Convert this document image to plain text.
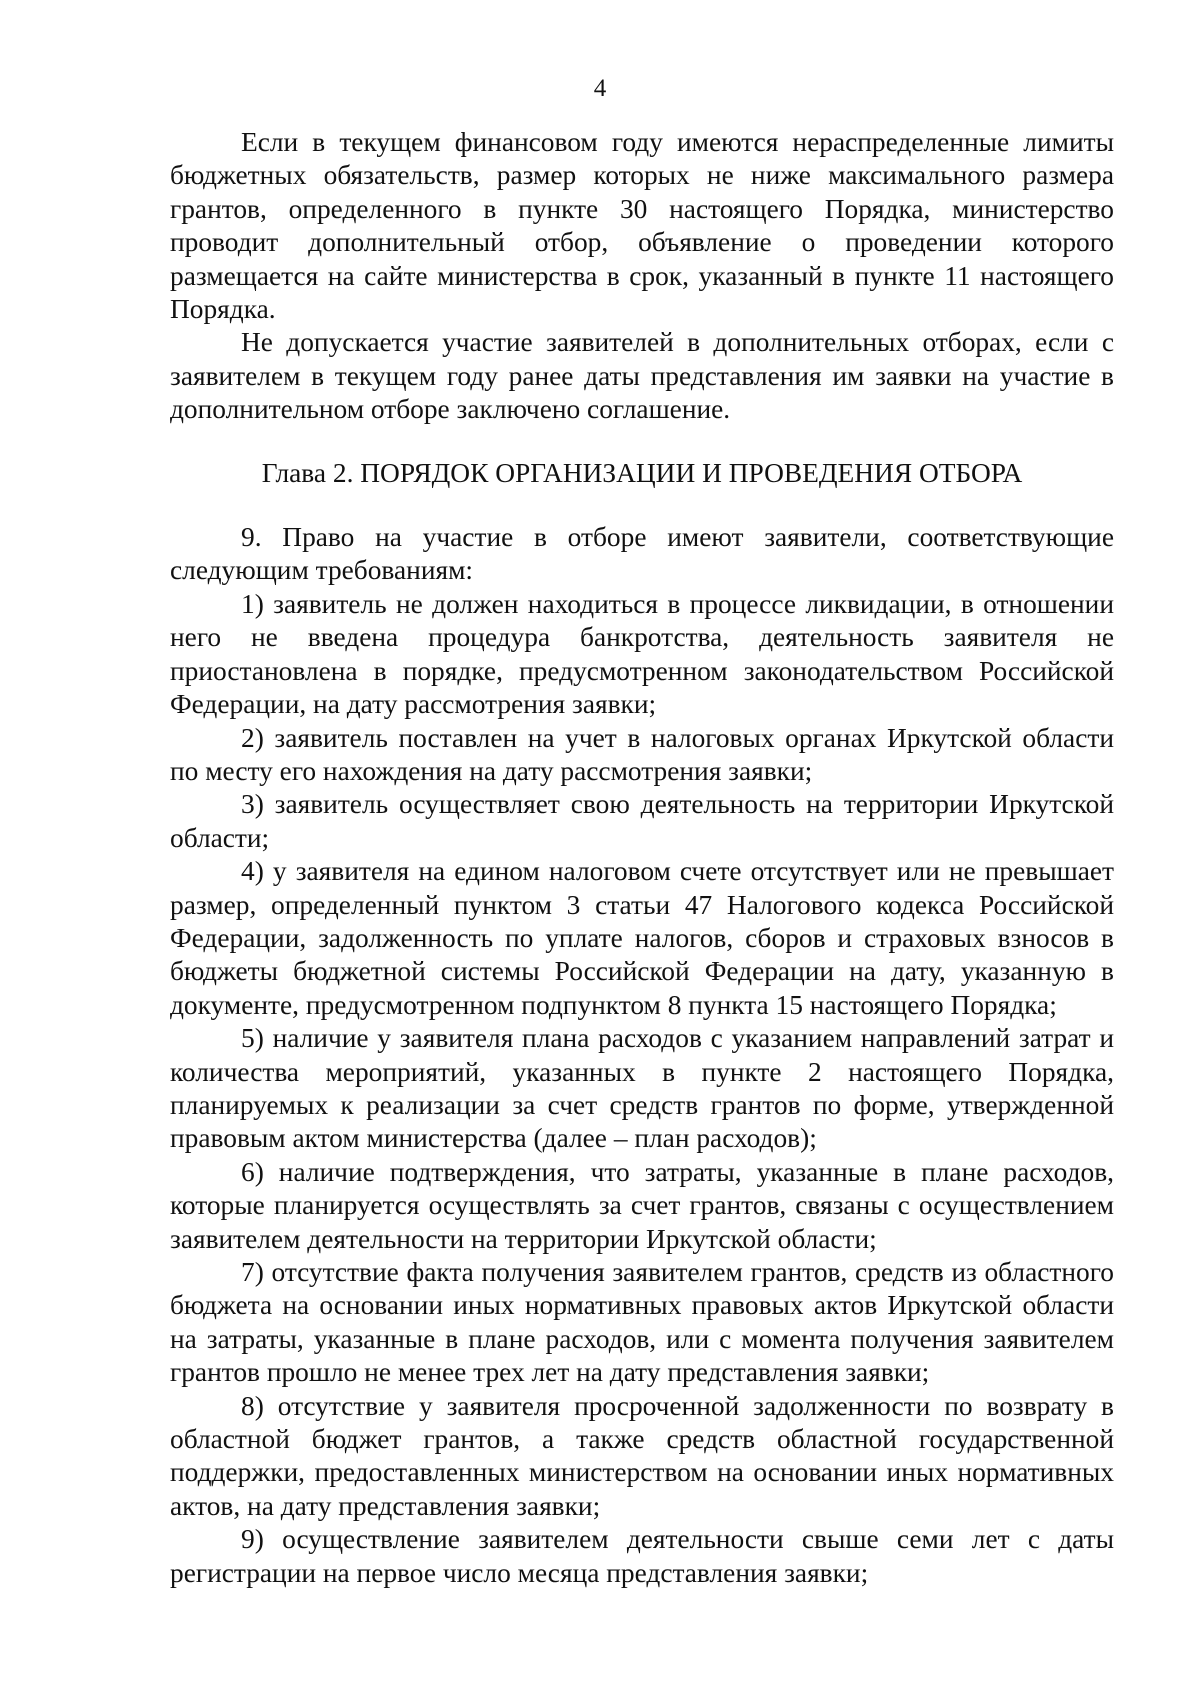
4

Если в текущем финансовом году имеются нераспределенные лимиты бюджетных обязательств, размер которых не ниже максимального размера грантов, определенного в пункте 30 настоящего Порядка, министерство проводит дополнительный отбор, объявление о проведении которого размещается на сайте министерства в срок, указанный в пункте 11 настоящего Порядка.

Не допускается участие заявителей в дополнительных отборах, если с заявителем в текущем году ранее даты представления им заявки на участие в дополнительном отборе заключено соглашение.

Глава 2. ПОРЯДОК ОРГАНИЗАЦИИ И ПРОВЕДЕНИЯ ОТБОРА

9. Право на участие в отборе имеют заявители, соответствующие следующим требованиям:

1) заявитель не должен находиться в процессе ликвидации, в отношении него не введена процедура банкротства, деятельность заявителя не приостановлена в порядке, предусмотренном законодательством Российской Федерации, на дату рассмотрения заявки;

2) заявитель поставлен на учет в налоговых органах Иркутской области по месту его нахождения на дату рассмотрения заявки;

3) заявитель осуществляет свою деятельность на территории Иркутской области;

4) у заявителя на едином налоговом счете отсутствует или не превышает размер, определенный пунктом 3 статьи 47 Налогового кодекса Российской Федерации, задолженность по уплате налогов, сборов и страховых взносов в бюджеты бюджетной системы Российской Федерации на дату, указанную в документе, предусмотренном подпунктом 8 пункта 15 настоящего Порядка;

5) наличие у заявителя плана расходов с указанием направлений затрат и количества мероприятий, указанных в пункте 2 настоящего Порядка, планируемых к реализации за счет средств грантов по форме, утвержденной правовым актом министерства (далее – план расходов);

6) наличие подтверждения, что затраты, указанные в плане расходов, которые планируется осуществлять за счет грантов, связаны с осуществлением заявителем деятельности на территории Иркутской области;

7) отсутствие факта получения заявителем грантов, средств из областного бюджета на основании иных нормативных правовых актов Иркутской области на затраты, указанные в плане расходов, или с момента получения заявителем грантов прошло не менее трех лет на дату представления заявки;

8) отсутствие у заявителя просроченной задолженности по возврату в областной бюджет грантов, а также средств областной государственной поддержки, предоставленных министерством на основании иных нормативных актов, на дату представления заявки;

9) осуществление заявителем деятельности свыше семи лет с даты регистрации на первое число месяца представления заявки;
